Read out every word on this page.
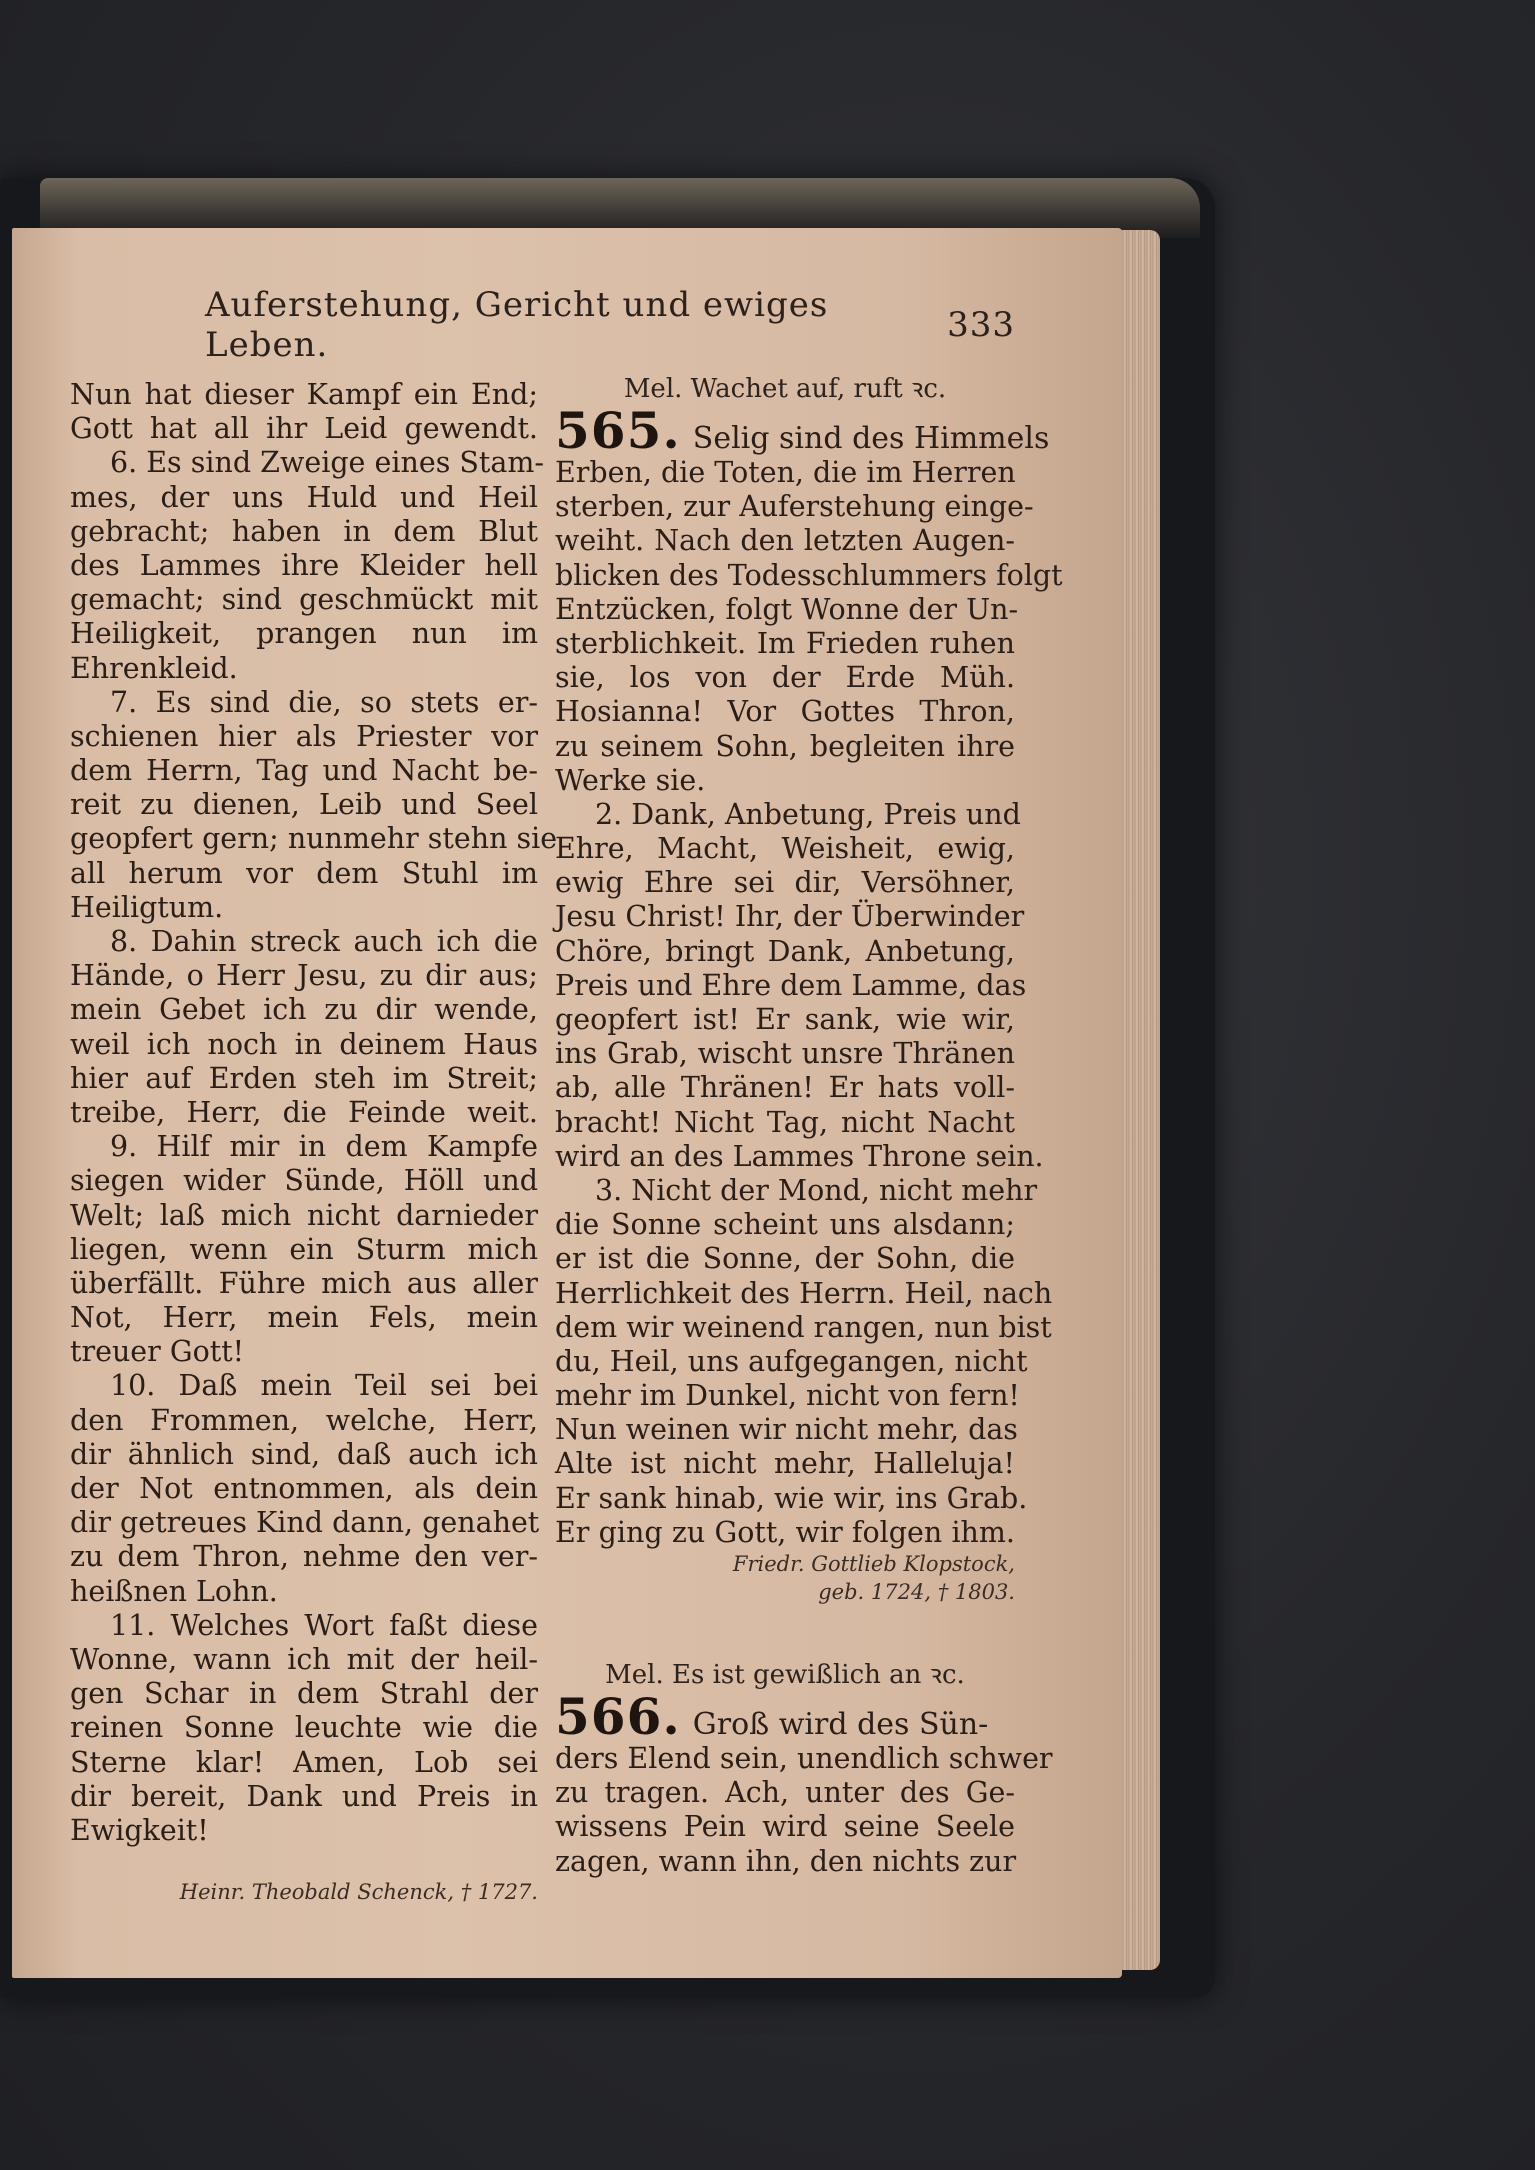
Auferstehung, Gericht und ewiges Leben.	333
Nun hat dieser Kampf ein End;
Gott hat all ihr Leid gewendt.
6. Es sind Zweige eines Stam-
mes, der uns Huld und Heil
gebracht; haben in dem Blut
des Lammes ihre Kleider hell
gemacht; sind geschmückt mit
Heiligkeit, prangen nun im
Ehrenkleid.
7. Es sind die, so stets er-
schienen hier als Priester vor
dem Herrn, Tag und Nacht be-
reit zu dienen, Leib und Seel
geopfert gern; nunmehr stehn sie
all herum vor dem Stuhl im
Heiligtum.
8. Dahin streck auch ich die
Hände, o Herr Jesu, zu dir aus;
mein Gebet ich zu dir wende,
weil ich noch in deinem Haus
hier auf Erden steh im Streit;
treibe, Herr, die Feinde weit.
9. Hilf mir in dem Kampfe
siegen wider Sünde, Höll und
Welt; laß mich nicht darnieder
liegen, wenn ein Sturm mich
überfällt. Führe mich aus aller
Not, Herr, mein Fels, mein
treuer Gott!
10. Daß mein Teil sei bei
den Frommen, welche, Herr,
dir ähnlich sind, daß auch ich
der Not entnommen, als dein
dir getreues Kind dann, genahet
zu dem Thron, nehme den ver-
heißnen Lohn.
11. Welches Wort faßt diese
Wonne, wann ich mit der heil-
gen Schar in dem Strahl der
reinen Sonne leuchte wie die
Sterne klar! Amen, Lob sei
dir bereit, Dank und Preis in
Ewigkeit!
Heinr. Theobald Schenck, † 1727.
Mel. Wachet auf, ruft ꝛc.
565. Selig sind des Himmels
Erben, die Toten, die im Herren
sterben, zur Auferstehung einge-
weiht. Nach den letzten Augen-
blicken des Todesschlummers folgt
Entzücken, folgt Wonne der Un-
sterblichkeit. Im Frieden ruhen
sie, los von der Erde Müh.
Hosianna! Vor Gottes Thron,
zu seinem Sohn, begleiten ihre
Werke sie.
2. Dank, Anbetung, Preis und
Ehre, Macht, Weisheit, ewig,
ewig Ehre sei dir, Versöhner,
Jesu Christ! Ihr, der Überwinder
Chöre, bringt Dank, Anbetung,
Preis und Ehre dem Lamme, das
geopfert ist! Er sank, wie wir,
ins Grab, wischt unsre Thränen
ab, alle Thränen! Er hats voll-
bracht! Nicht Tag, nicht Nacht
wird an des Lammes Throne sein.
3. Nicht der Mond, nicht mehr
die Sonne scheint uns alsdann;
er ist die Sonne, der Sohn, die
Herrlichkeit des Herrn. Heil, nach
dem wir weinend rangen, nun bist
du, Heil, uns aufgegangen, nicht
mehr im Dunkel, nicht von fern!
Nun weinen wir nicht mehr, das
Alte ist nicht mehr, Halleluja!
Er sank hinab, wie wir, ins Grab.
Er ging zu Gott, wir folgen ihm.
Friedr. Gottlieb Klopstock,
geb. 1724, † 1803.
Mel. Es ist gewißlich an ꝛc.
566. Groß wird des Sün-
ders Elend sein, unendlich schwer
zu tragen. Ach, unter des Ge-
wissens Pein wird seine Seele
zagen, wann ihn, den nichts zur
